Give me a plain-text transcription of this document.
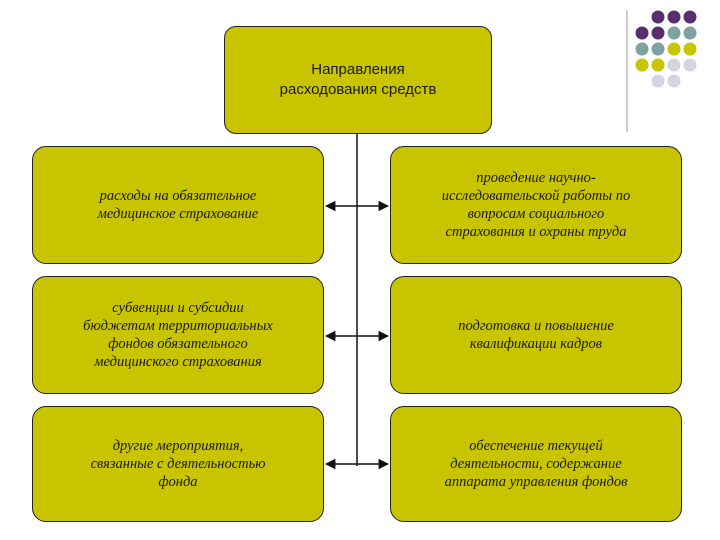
Направления
расходования средств
расходы на обязательное
медицинское страхование
субвенции и субсидии
бюджетам территориальных
фондов обязательного
медицинского страхования
другие мероприятия,
связанные с деятельностью
фонда
проведение научно-
исследовательской работы по
вопросам социального
страхования и охраны труда
подготовка и повышение
квалификации кадров
обеспечение текущей
деятельности, содержание
аппарата управления фондов
